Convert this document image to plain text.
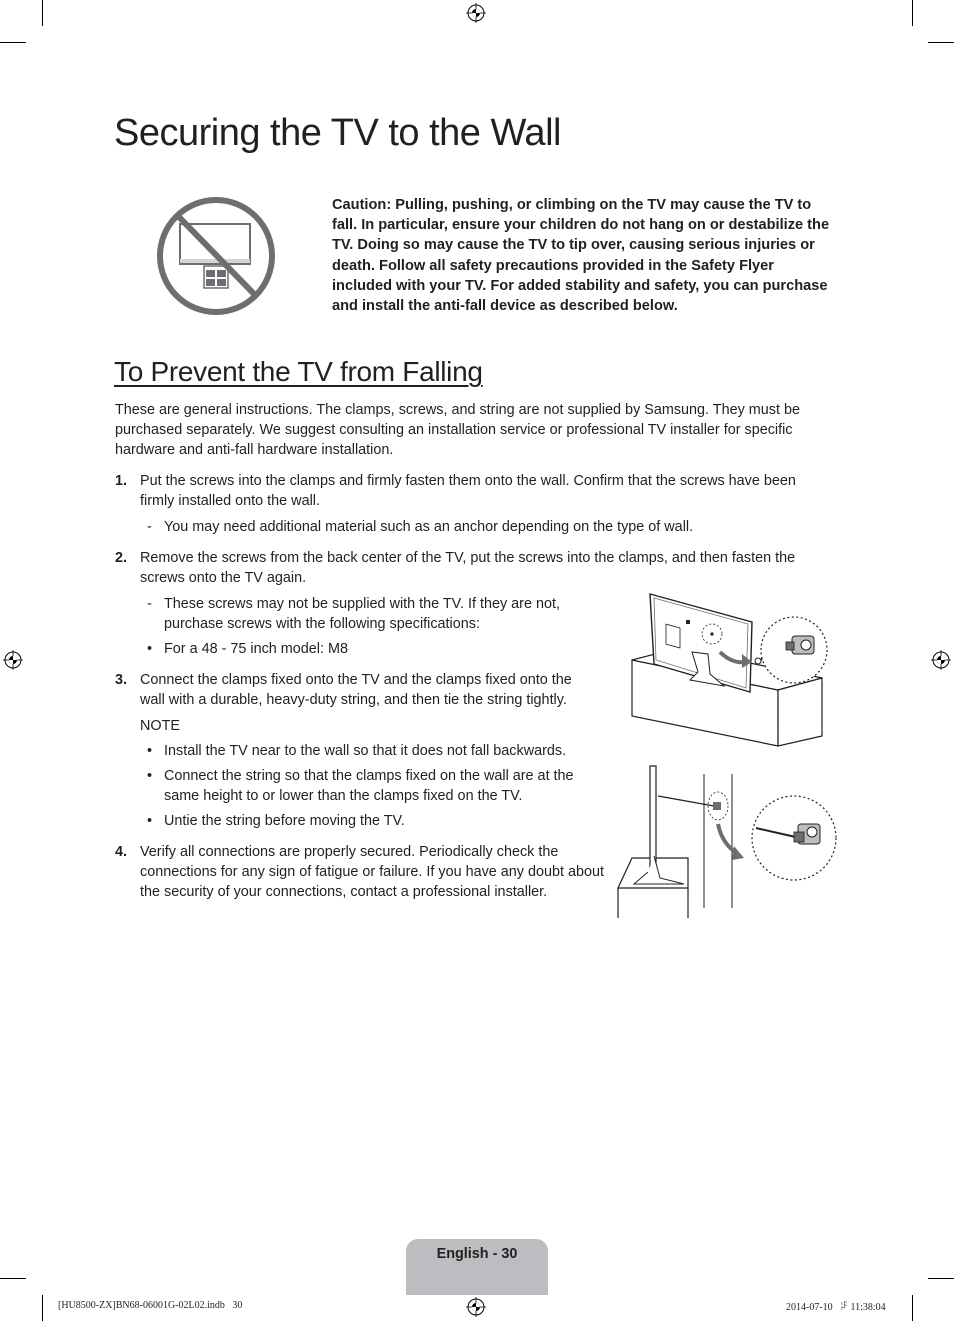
Securing the TV to the Wall

Caution: Pulling, pushing, or climbing on the TV may cause the TV to fall. In particular, ensure your children do not hang on or destabilize the TV. Doing so may cause the TV to tip over, causing serious injuries or death. Follow all safety precautions provided in the Safety Flyer included with your TV. For added stability and safety, you can purchase and install the anti-fall device as described below.

To Prevent the TV from Falling

These are general instructions. The clamps, screws, and string are not supplied by Samsung. They must be purchased separately. We suggest consulting an installation service or professional TV installer for specific hardware and anti-fall hardware installation.

1. Put the screws into the clamps and firmly fasten them onto the wall. Confirm that the screws have been firmly installed onto the wall.

- You may need additional material such as an anchor depending on the type of wall.

2. Remove the screws from the back center of the TV, put the screws into the clamps, and then fasten the screws onto the TV again.

- These screws may not be supplied with the TV. If they are not, purchase screws with the following specifications:

• For a 48 - 75 inch model: M8

3. Connect the clamps fixed onto the TV and the clamps fixed onto the wall with a durable, heavy-duty string, and then tie the string tightly.

NOTE

• Install the TV near to the wall so that it does not fall backwards.

• Connect the string so that the clamps fixed on the wall are at the same height to or lower than the clamps fixed on the TV.

• Untie the string before moving the TV.

4. Verify all connections are properly secured. Periodically check the connections for any sign of fatigue or failure. If you have any doubt about the security of your connections, contact a professional installer.

English - 30
[HU8500-ZX]BN68-06001G-02L02.indb   30	2014-07-10   ꂞ 11:38:04
